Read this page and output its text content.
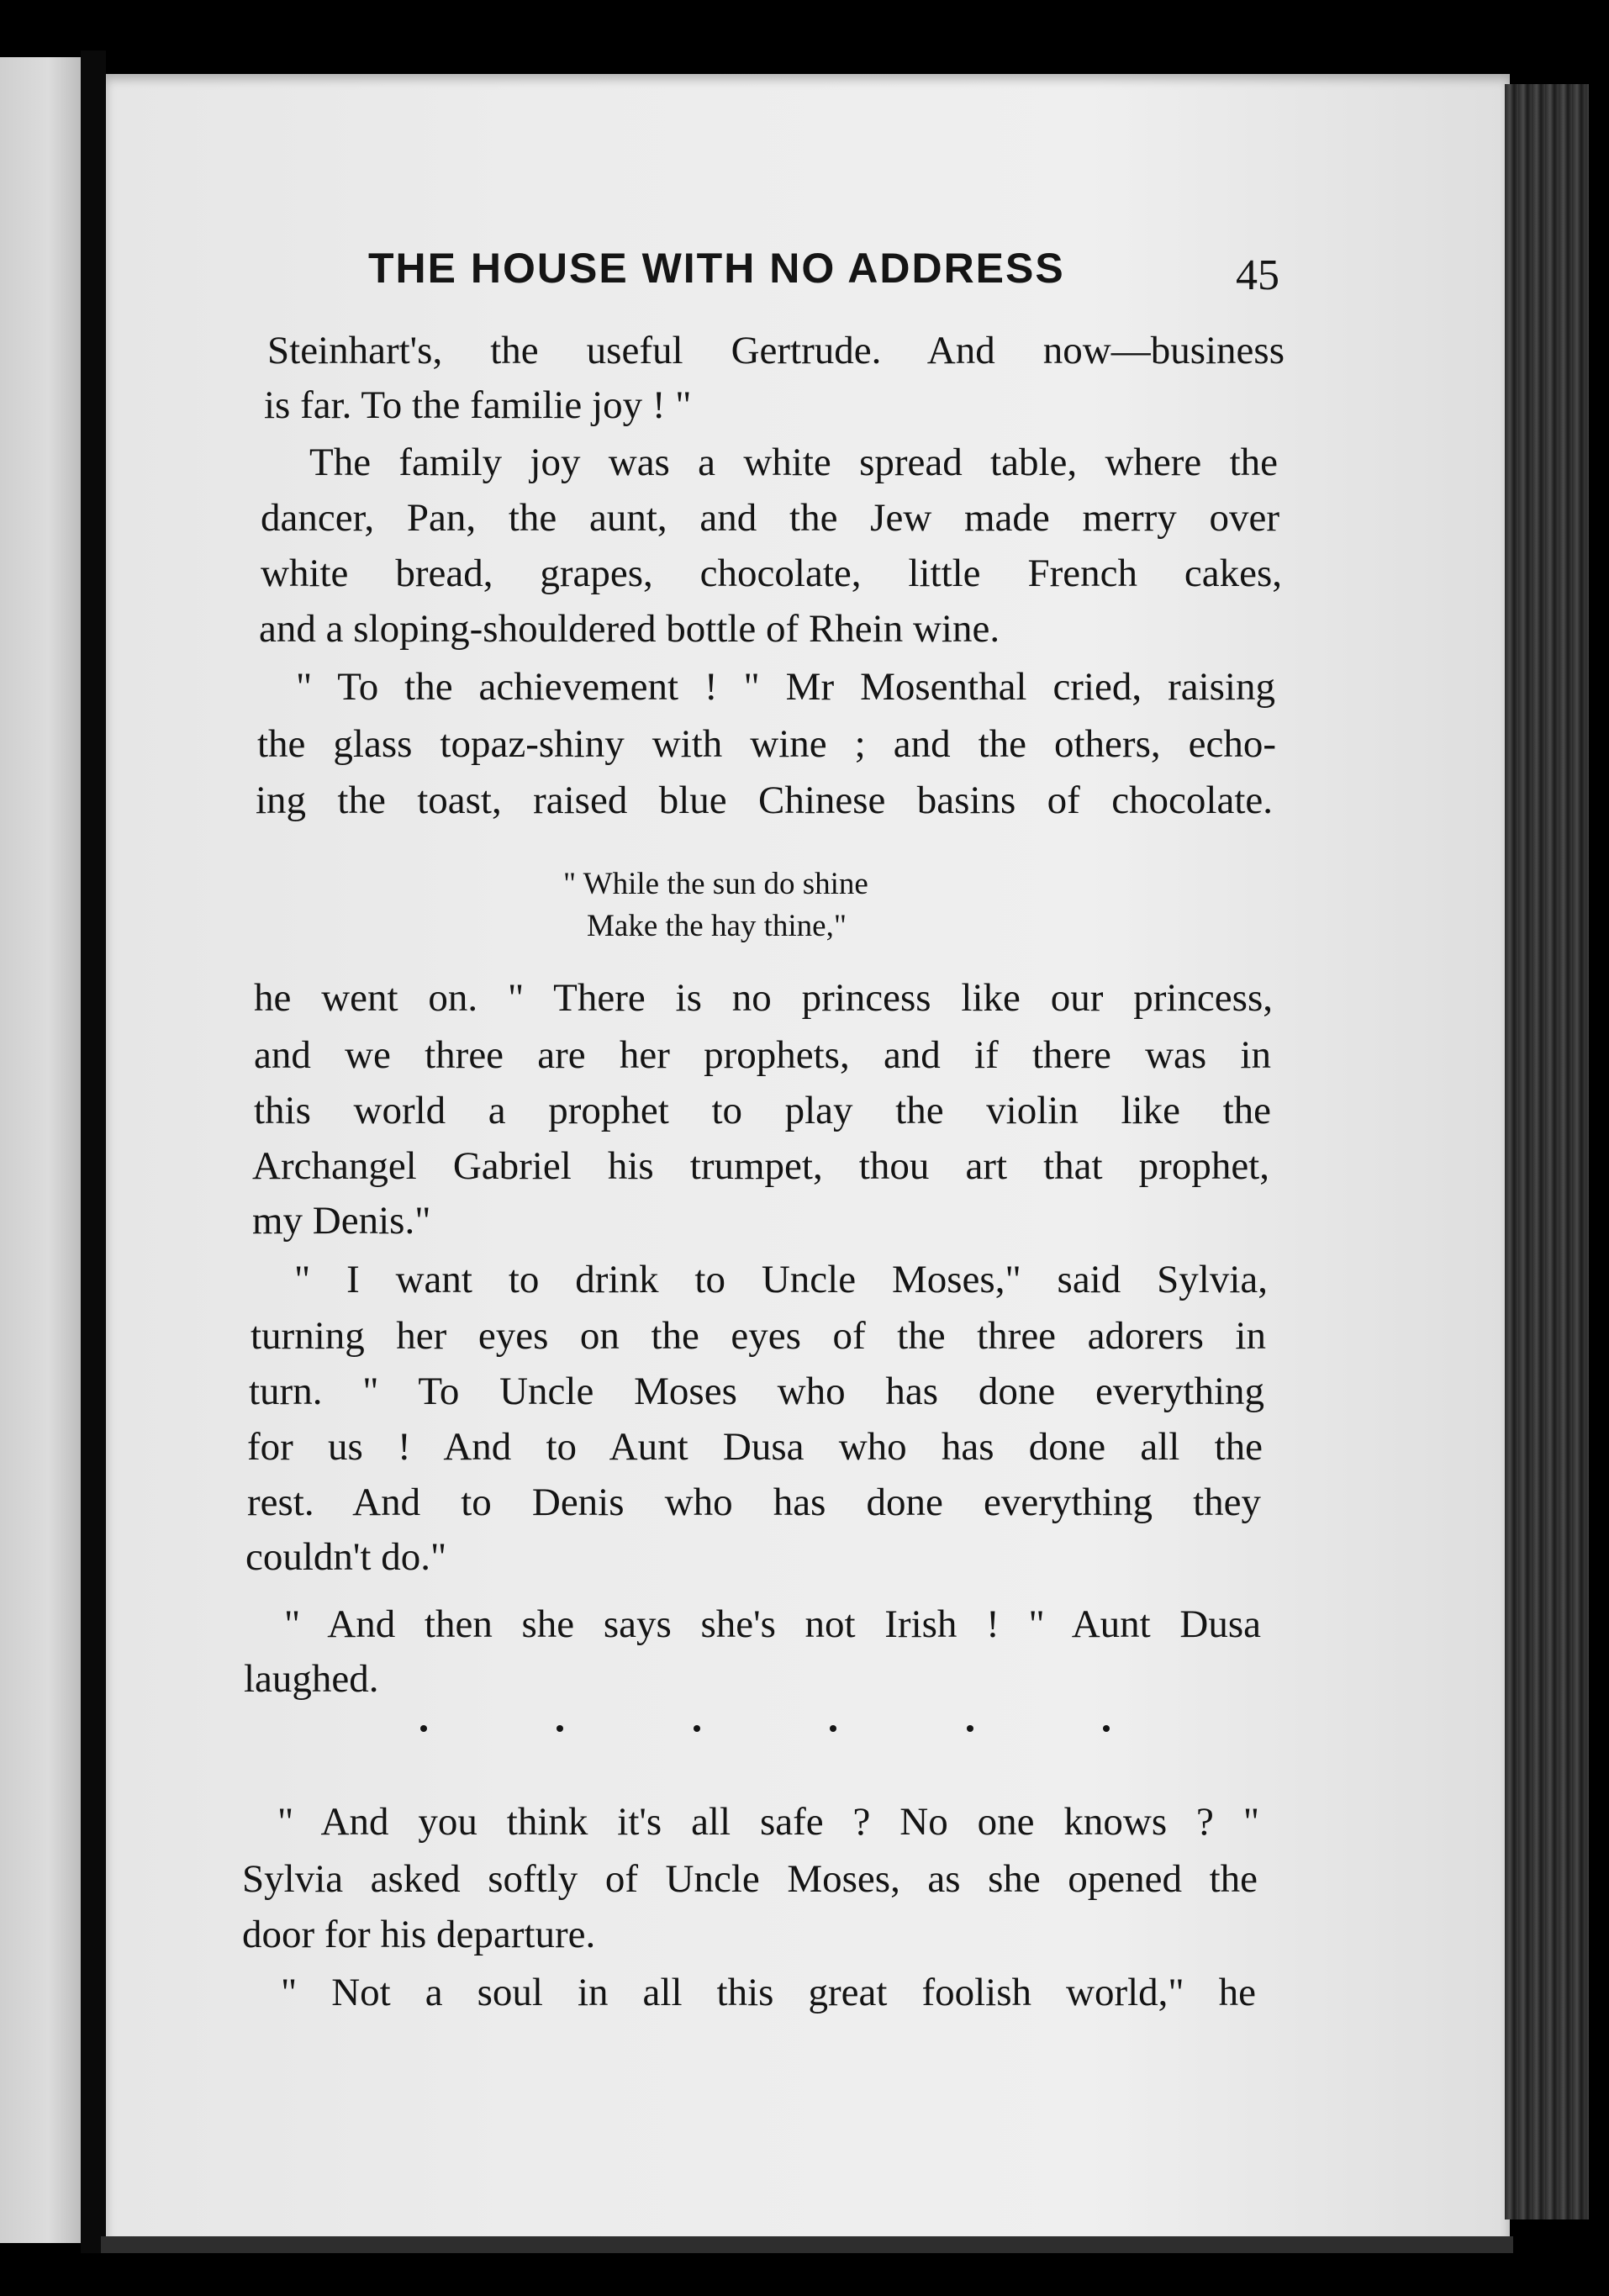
THE HOUSE WITH NO ADDRESS	45
Steinhart's, the useful Gertrude. And now—business
is far. To the familie joy ! "
The family joy was a white spread table, where the
dancer, Pan, the aunt, and the Jew made merry over
white bread, grapes, chocolate, little French cakes,
and a sloping-shouldered bottle of Rhein wine.
" To the achievement ! " Mr Mosenthal cried, raising
the glass topaz-shiny with wine ; and the others, echo-
ing the toast, raised blue Chinese basins of chocolate.
" While the sun do shine
Make the hay thine,"
he went on. " There is no princess like our princess,
and we three are her prophets, and if there was in
this world a prophet to play the violin like the
Archangel Gabriel his trumpet, thou art that prophet,
my Denis."
" I want to drink to Uncle Moses," said Sylvia,
turning her eyes on the eyes of the three adorers in
turn. " To Uncle Moses who has done everything
for us ! And to Aunt Dusa who has done all the
rest. And to Denis who has done everything they
couldn't do."
" And then she says she's not Irish ! " Aunt Dusa
laughed.
" And you think it's all safe ? No one knows ? "
Sylvia asked softly of Uncle Moses, as she opened the
door for his departure.
" Not a soul in all this great foolish world," he
